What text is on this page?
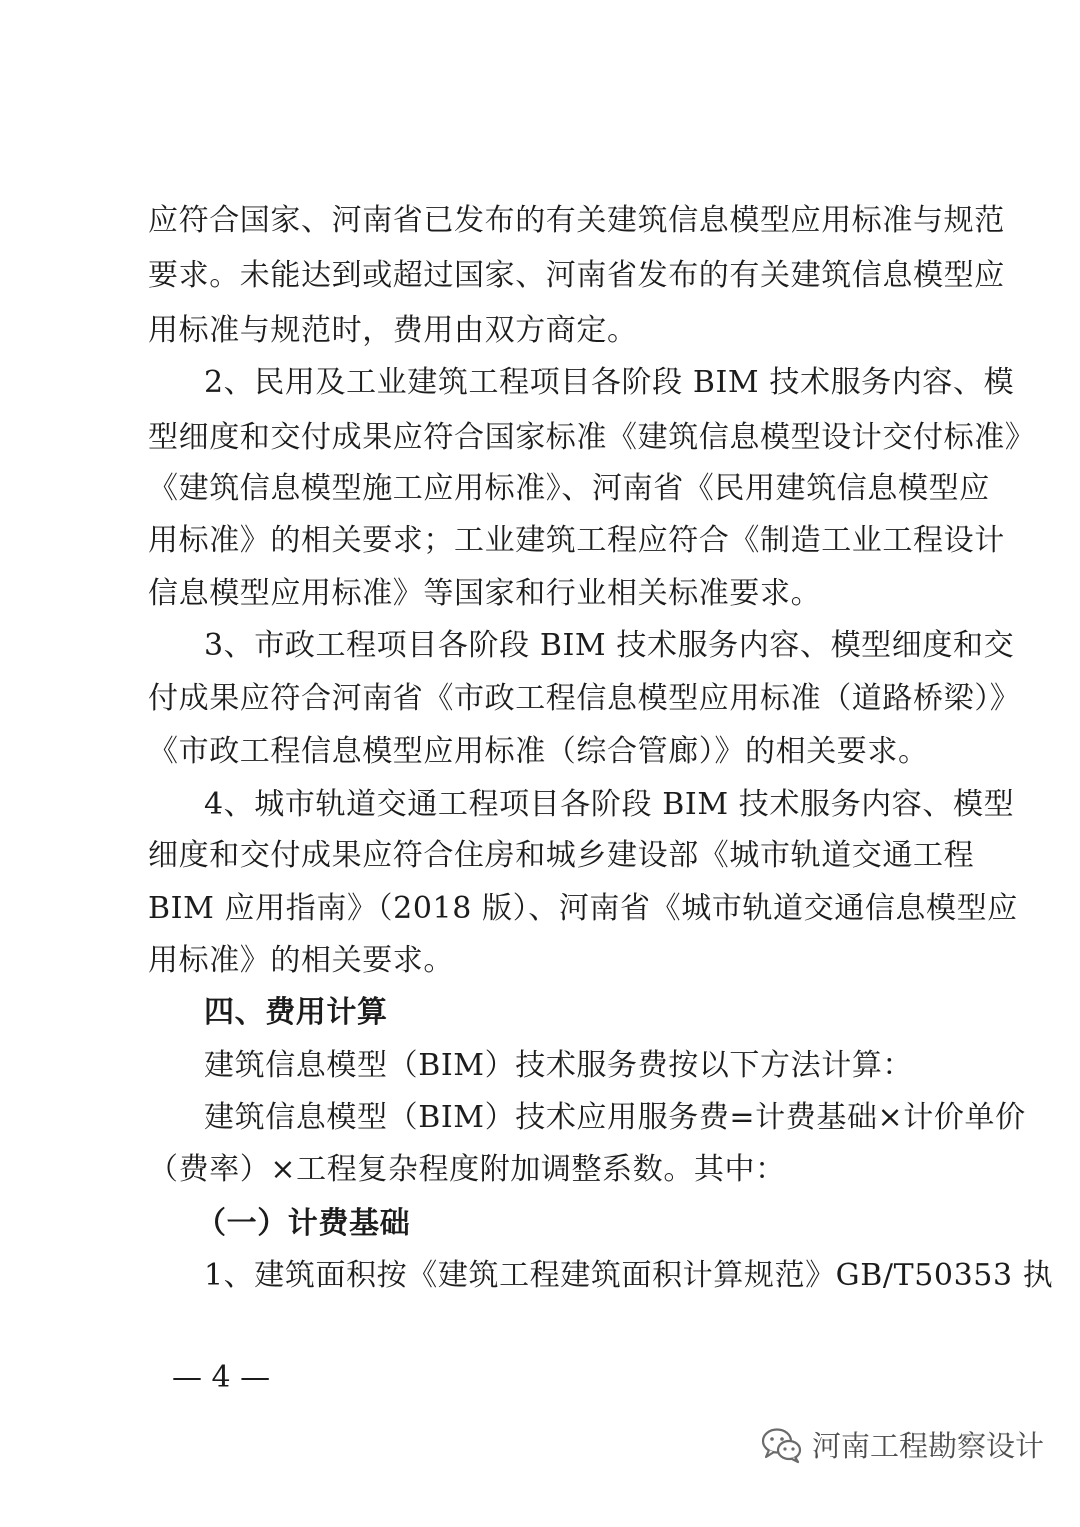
应符合国家、河南省已发布的有关建筑信息模型应用标准与规范
要求。未能达到或超过国家、河南省发布的有关建筑信息模型应
用标准与规范时，费用由双方商定。
2、民用及工业建筑工程项目各阶段 BIM 技术服务内容、模
型细度和交付成果应符合国家标准《建筑信息模型设计交付标准》
《建筑信息模型施工应用标准》、河南省《民用建筑信息模型应
用标准》的相关要求；工业建筑工程应符合《制造工业工程设计
信息模型应用标准》等国家和行业相关标准要求。
3、市政工程项目各阶段 BIM 技术服务内容、模型细度和交
付成果应符合河南省《市政工程信息模型应用标准（道路桥梁）》
《市政工程信息模型应用标准（综合管廊）》的相关要求。
4、城市轨道交通工程项目各阶段 BIM 技术服务内容、模型
细度和交付成果应符合住房和城乡建设部《城市轨道交通工程
BIM 应用指南》（2018 版）、河南省《城市轨道交通信息模型应
用标准》的相关要求。
四、费用计算
建筑信息模型（BIM）技术服务费按以下方法计算：
建筑信息模型（BIM）技术应用服务费=计费基础×计价单价
（费率）×工程复杂程度附加调整系数。其中：
（一）计费基础
1、建筑面积按《建筑工程建筑面积计算规范》GB/T50353 执
— 4 —
河南工程勘察设计
